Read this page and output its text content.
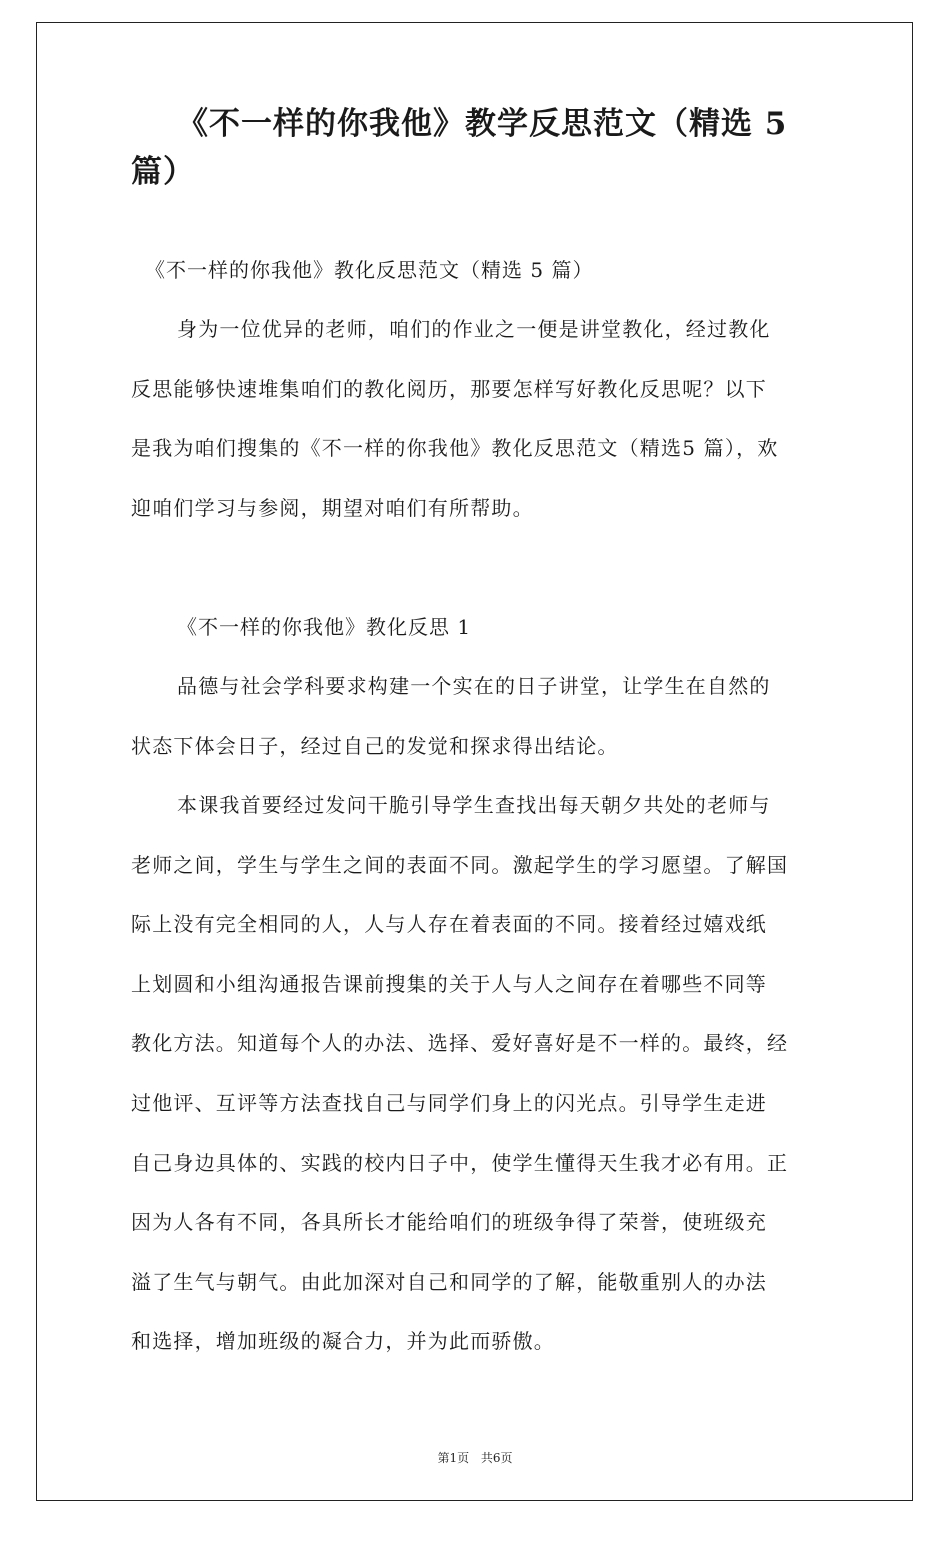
《不一样的你我他》教学反思范文（精选 5 篇）

《不一样的你我他》教化反思范文（精选 5 篇）

身为一位优异的老师，咱们的作业之一便是讲堂教化，经过教化
反思能够快速堆集咱们的教化阅历，那要怎样写好教化反思呢？以下
是我为咱们搜集的《不一样的你我他》教化反思范文（精选5 篇），欢
迎咱们学习与参阅，期望对咱们有所帮助。

《不一样的你我他》教化反思 1

品德与社会学科要求构建一个实在的日子讲堂，让学生在自然的
状态下体会日子，经过自己的发觉和探求得出结论。

本课我首要经过发问干脆引导学生查找出每天朝夕共处的老师与
老师之间，学生与学生之间的表面不同。激起学生的学习愿望。了解国
际上没有完全相同的人，人与人存在着表面的不同。接着经过嬉戏纸
上划圆和小组沟通报告课前搜集的关于人与人之间存在着哪些不同等
教化方法。知道每个人的办法、选择、爱好喜好是不一样的。最终，经
过他评、互评等方法查找自己与同学们身上的闪光点。引导学生走进
自己身边具体的、实践的校内日子中，使学生懂得天生我才必有用。正
因为人各有不同，各具所长才能给咱们的班级争得了荣誉，使班级充
溢了生气与朝气。由此加深对自己和同学的了解，能敬重别人的办法
和选择，增加班级的凝合力，并为此而骄傲。

第1页 共6页
